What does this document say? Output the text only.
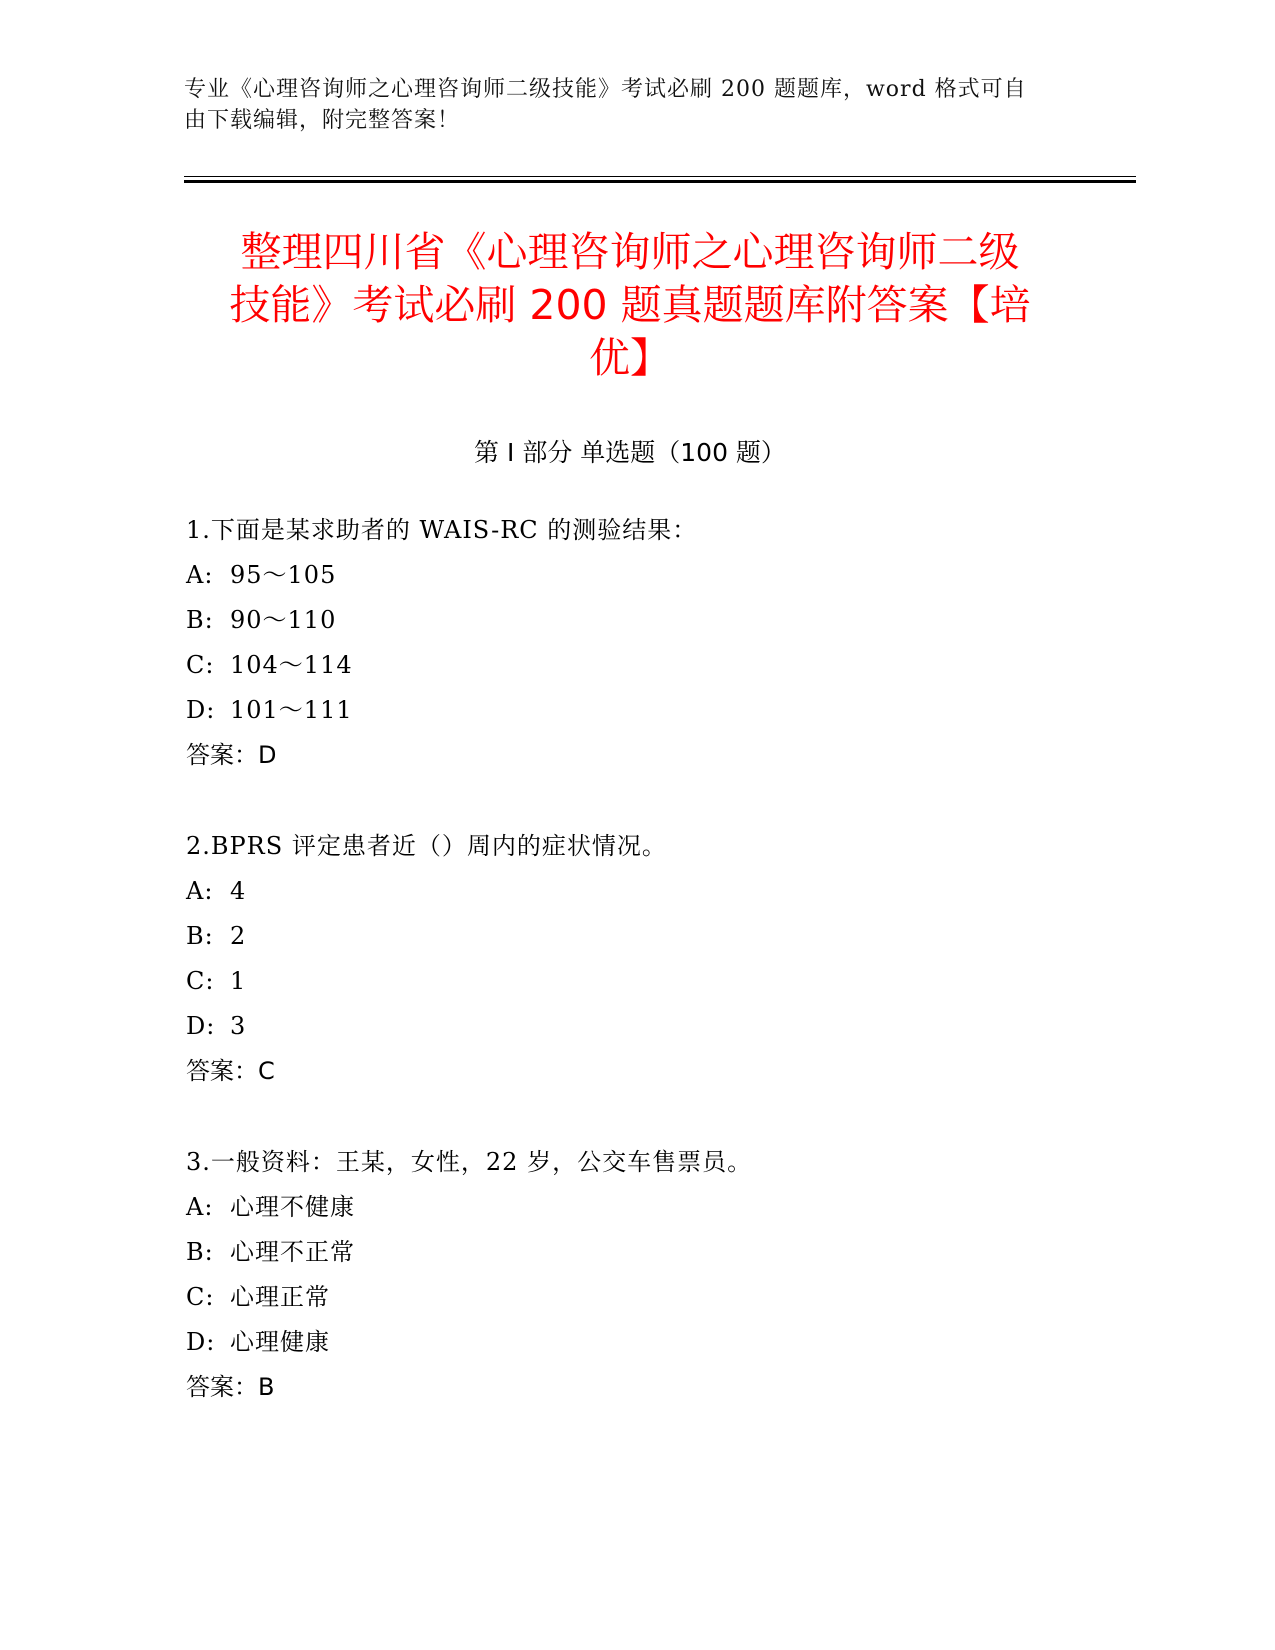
专业《心理咨询师之心理咨询师二级技能》考试必刷 200 题题库，word 格式可自
由下载编辑，附完整答案！
整理四川省《心理咨询师之心理咨询师二级
技能》考试必刷 200 题真题题库附答案【培
优】
第 I 部分 单选题（100 题）
1.下面是某求助者的 WAIS-RC 的测验结果：
A: 95～105
B: 90～110
C: 104～114
D: 101～111
答案：D
2.BPRS 评定患者近（）周内的症状情况。
A: 4
B: 2
C: 1
D: 3
答案：C
3.一般资料：王某，女性，22 岁，公交车售票员。
A: 心理不健康
B: 心理不正常
C: 心理正常
D: 心理健康
答案：B
